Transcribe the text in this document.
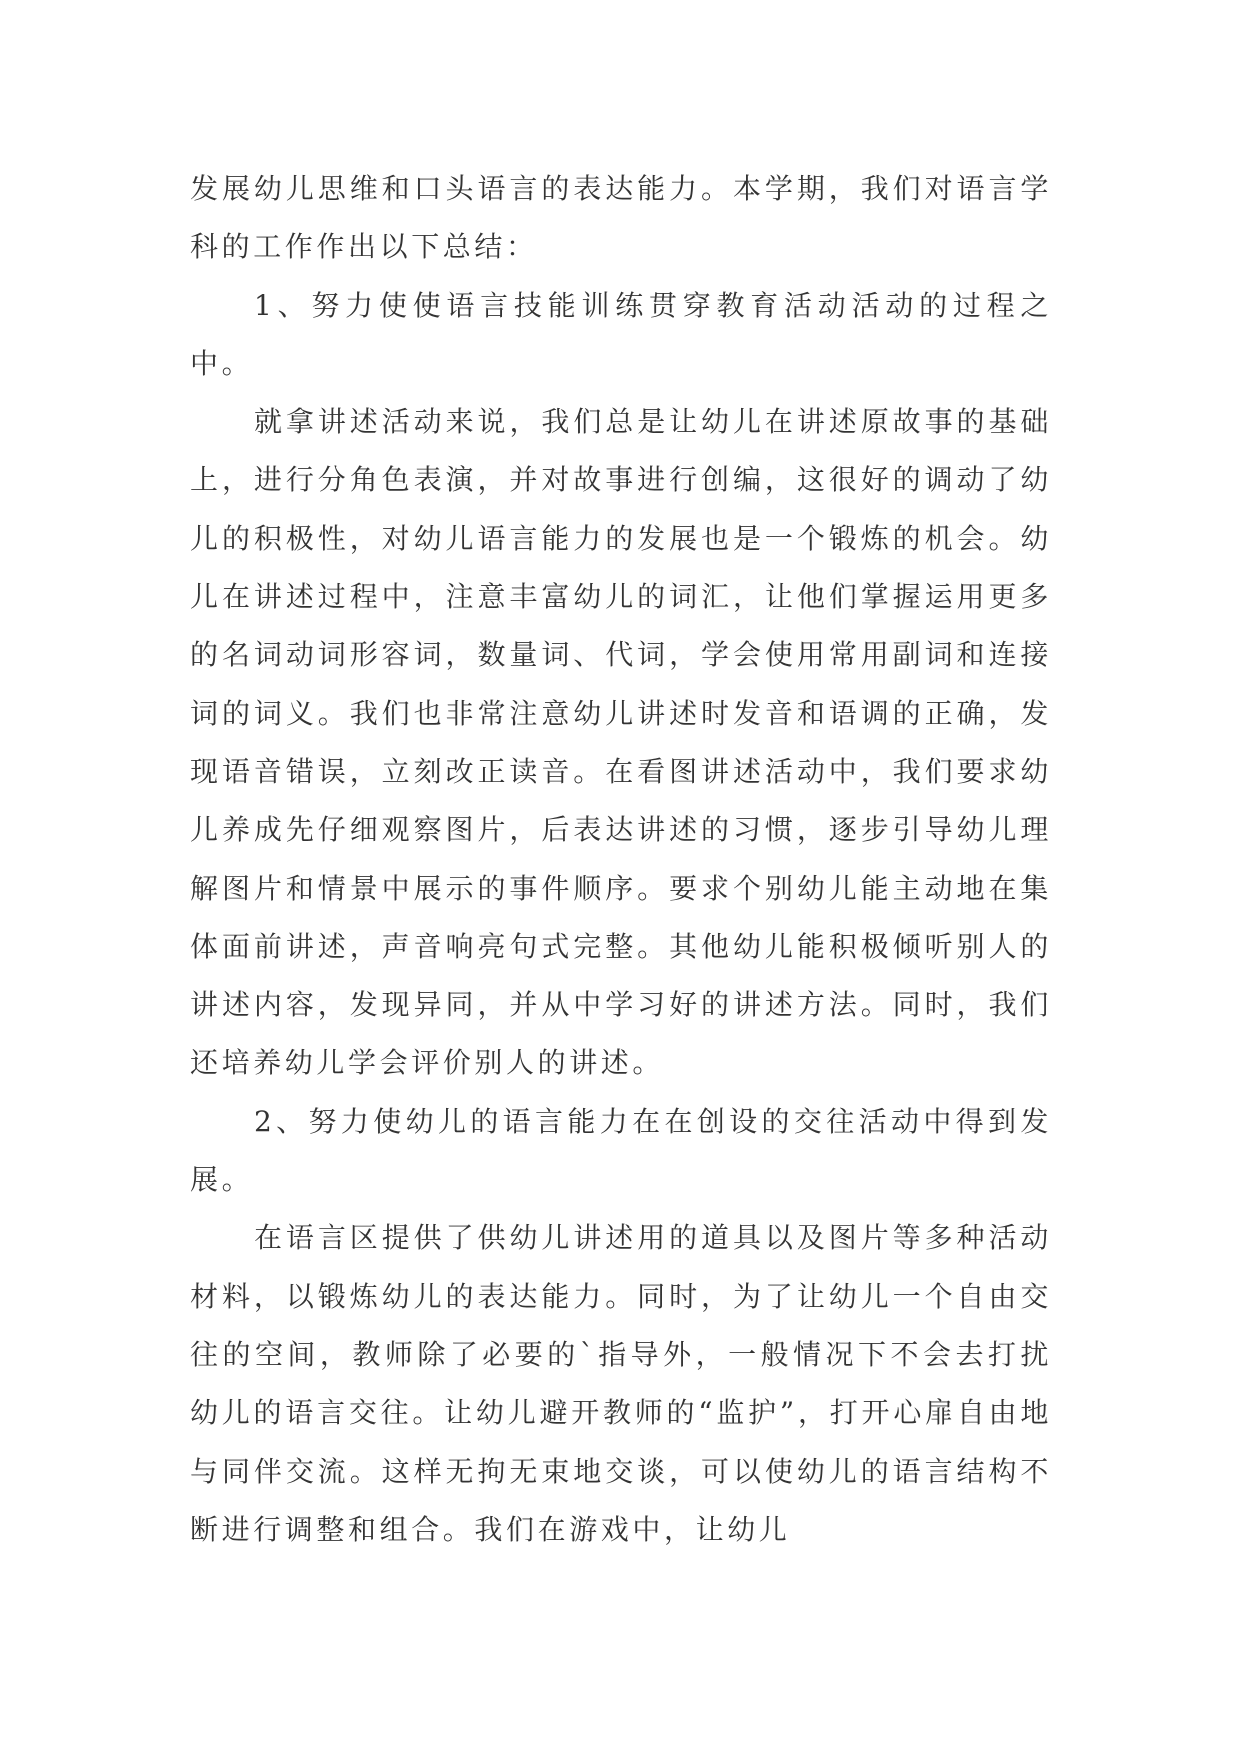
发展幼儿思维和口头语言的表达能力。本学期，我们对语言学科的工作作出以下总结：

1、努力使使语言技能训练贯穿教育活动活动的过程之中。

就拿讲述活动来说，我们总是让幼儿在讲述原故事的基础上，进行分角色表演，并对故事进行创编，这很好的调动了幼儿的积极性，对幼儿语言能力的发展也是一个锻炼的机会。幼儿在讲述过程中，注意丰富幼儿的词汇，让他们掌握运用更多的名词动词形容词，数量词、代词，学会使用常用副词和连接词的词义。我们也非常注意幼儿讲述时发音和语调的正确，发现语音错误，立刻改正读音。在看图讲述活动中，我们要求幼儿养成先仔细观察图片，后表达讲述的习惯，逐步引导幼儿理解图片和情景中展示的事件顺序。要求个别幼儿能主动地在集体面前讲述，声音响亮句式完整。其他幼儿能积极倾听别人的讲述内容，发现异同，并从中学习好的讲述方法。同时，我们还培养幼儿学会评价别人的讲述。

2、努力使幼儿的语言能力在在创设的交往活动中得到发展。

在语言区提供了供幼儿讲述用的道具以及图片等多种活动材料，以锻炼幼儿的表达能力。同时，为了让幼儿一个自由交往的空间，教师除了必要的`指导外，一般情况下不会去打扰幼儿的语言交往。让幼儿避开教师的“监护”，打开心扉自由地与同伴交流。这样无拘无束地交谈，可以使幼儿的语言结构不断进行调整和组合。我们在游戏中，让幼儿
